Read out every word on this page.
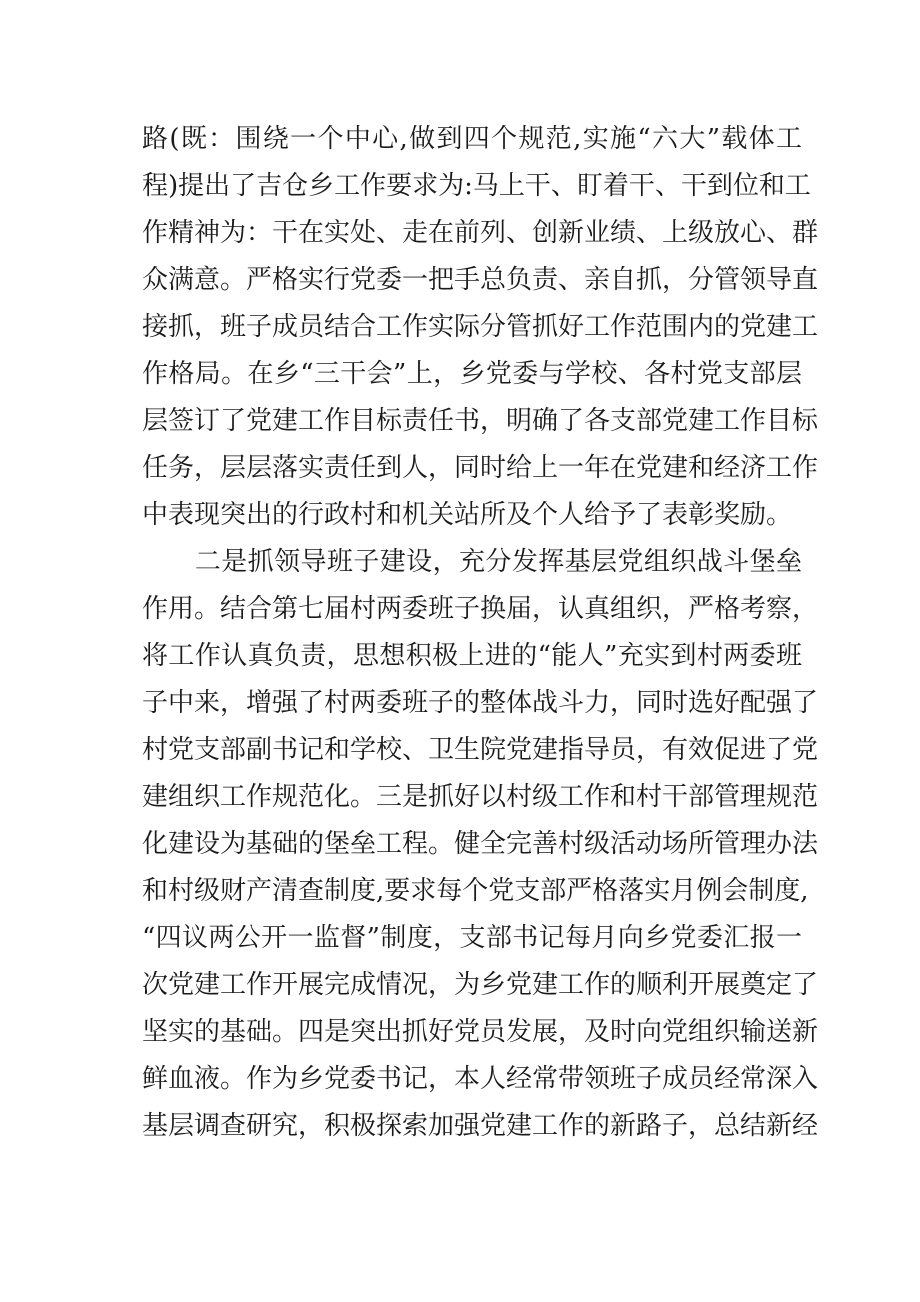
路(既：围绕一个中心,做到四个规范,实施“六大”载体工
程)提出了吉仓乡工作要求为:马上干、盯着干、干到位和工
作精神为：干在实处、走在前列、创新业绩、上级放心、群
众满意。严格实行党委一把手总负责、亲自抓，分管领导直
接抓，班子成员结合工作实际分管抓好工作范围内的党建工
作格局。在乡“三干会”上，乡党委与学校、各村党支部层
层签订了党建工作目标责任书，明确了各支部党建工作目标
任务，层层落实责任到人，同时给上一年在党建和经济工作
中表现突出的行政村和机关站所及个人给予了表彰奖励。
　　二是抓领导班子建设，充分发挥基层党组织战斗堡垒
作用。结合第七届村两委班子换届，认真组织，严格考察，
将工作认真负责，思想积极上进的“能人”充实到村两委班
子中来，增强了村两委班子的整体战斗力，同时选好配强了
村党支部副书记和学校、卫生院党建指导员，有效促进了党
建组织工作规范化。三是抓好以村级工作和村干部管理规范
化建设为基础的堡垒工程。健全完善村级活动场所管理办法
和村级财产清查制度,要求每个党支部严格落实月例会制度,
“四议两公开一监督”制度，支部书记每月向乡党委汇报一
次党建工作开展完成情况，为乡党建工作的顺利开展奠定了
坚实的基础。四是突出抓好党员发展，及时向党组织输送新
鲜血液。作为乡党委书记，本人经常带领班子成员经常深入
基层调查研究，积极探索加强党建工作的新路子，总结新经
